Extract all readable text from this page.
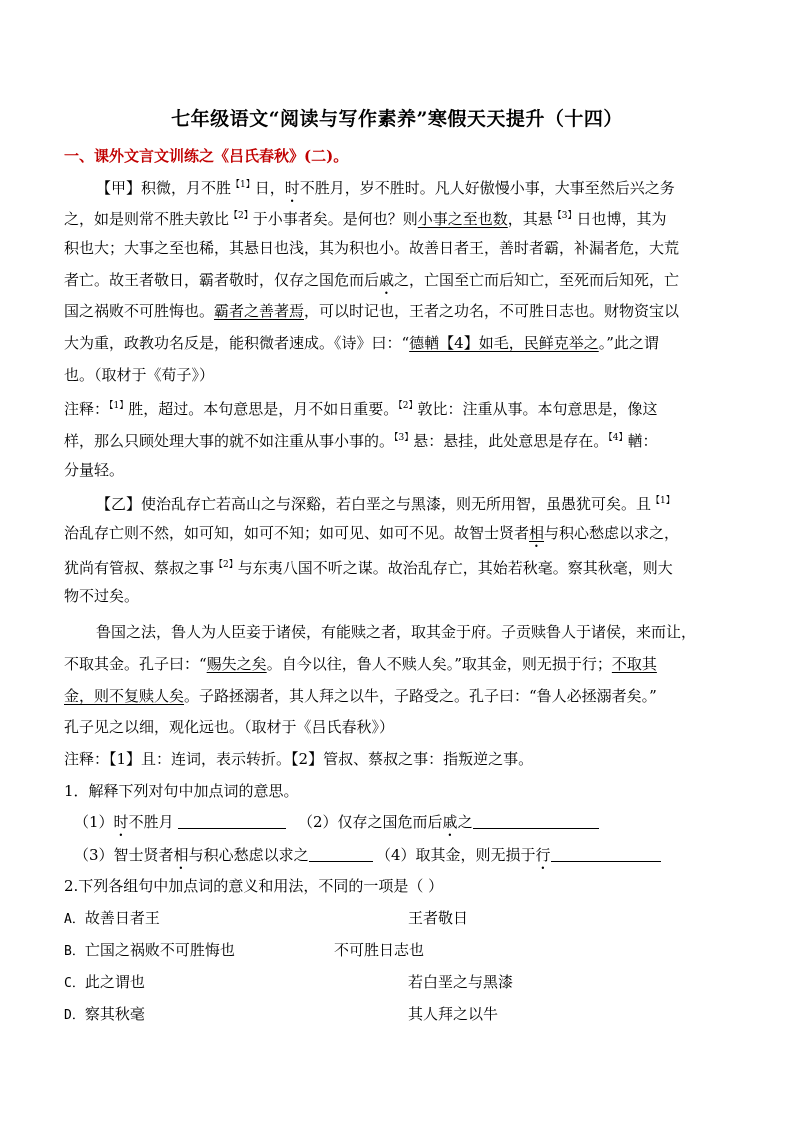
七年级语文“阅读与写作素养”寒假天天提升（十四）
一、课外文言文训练之《吕氏春秋》(二)。
【甲】积微，月不胜$^{【1】}$日，时不胜月，岁不胜时。凡人好傲慢小事，大事至然后兴之务
之，如是则常不胜夫敦比$^{【2】}$于小事者矣。是何也？则小事之至也数，其悬$^{【3】}$日也博，其为
积也大；大事之至也稀，其悬日也浅，其为积也小。故善日者王，善时者霸，补漏者危，大荒
者亡。故王者敬日，霸者敬时，仅存之国危而后戚之，亡国至亡而后知亡，至死而后知死，亡
国之祸败不可胜悔也。霸者之善著焉，可以时记也，王者之功名，不可胜日志也。财物资宝以
大为重，政教功名反是，能积微者速成。《诗》曰：“德輶【4】如毛，民鲜克举之。”此之谓
也。（取材于《荀子》）
注释：$^{【1】}$胜，超过。本句意思是，月不如日重要。$^{【2】}$敦比：注重从事。本句意思是，像这
样，那么只顾处理大事的就不如注重从事小事的。$^{【3】}$悬：悬挂，此处意思是存在。$^{【4】}$輶：
分量轻。
【乙】使治乱存亡若高山之与深谿，若白垩之与黑漆，则无所用智，虽愚犹可矣。且$^{【1】}$
治乱存亡则不然，如可知，如可不知；如可见、如可不见。故智士贤者相与积心愁虑以求之，
犹尚有管叔、蔡叔之事$^{【2】}$与东夷八国不听之谋。故治乱存亡，其始若秋毫。察其秋毫，则大
物不过矣。
鲁国之法，鲁人为人臣妾于诸侯，有能赎之者，取其金于府。子贡赎鲁人于诸侯，来而让，
不取其金。孔子曰：“赐失之矣。自今以往，鲁人不赎人矣。”取其金，则无损于行；不取其
金，则不复赎人矣。子路拯溺者，其人拜之以牛，子路受之。孔子曰：“鲁人必拯溺者矣。”
孔子见之以细，观化远也。（取材于《吕氏春秋》）
注释：【1】且：连词，表示转折。【2】管叔、蔡叔之事：指叛逆之事。
1．解释下列对句中加点词的意思。
（1）时不胜月	（2）仅存之国危而后戚之
（3）智士贤者相与积心愁虑以求之	（4）取其金，则无损于行
2.下列各组句中加点词的意义和用法，不同的一项是（ ）
A．故善日者王	王者敬日
B．亡国之祸败不可胜悔也	不可胜日志也
C．此之谓也	若白垩之与黑漆
D．察其秋毫	其人拜之以牛
